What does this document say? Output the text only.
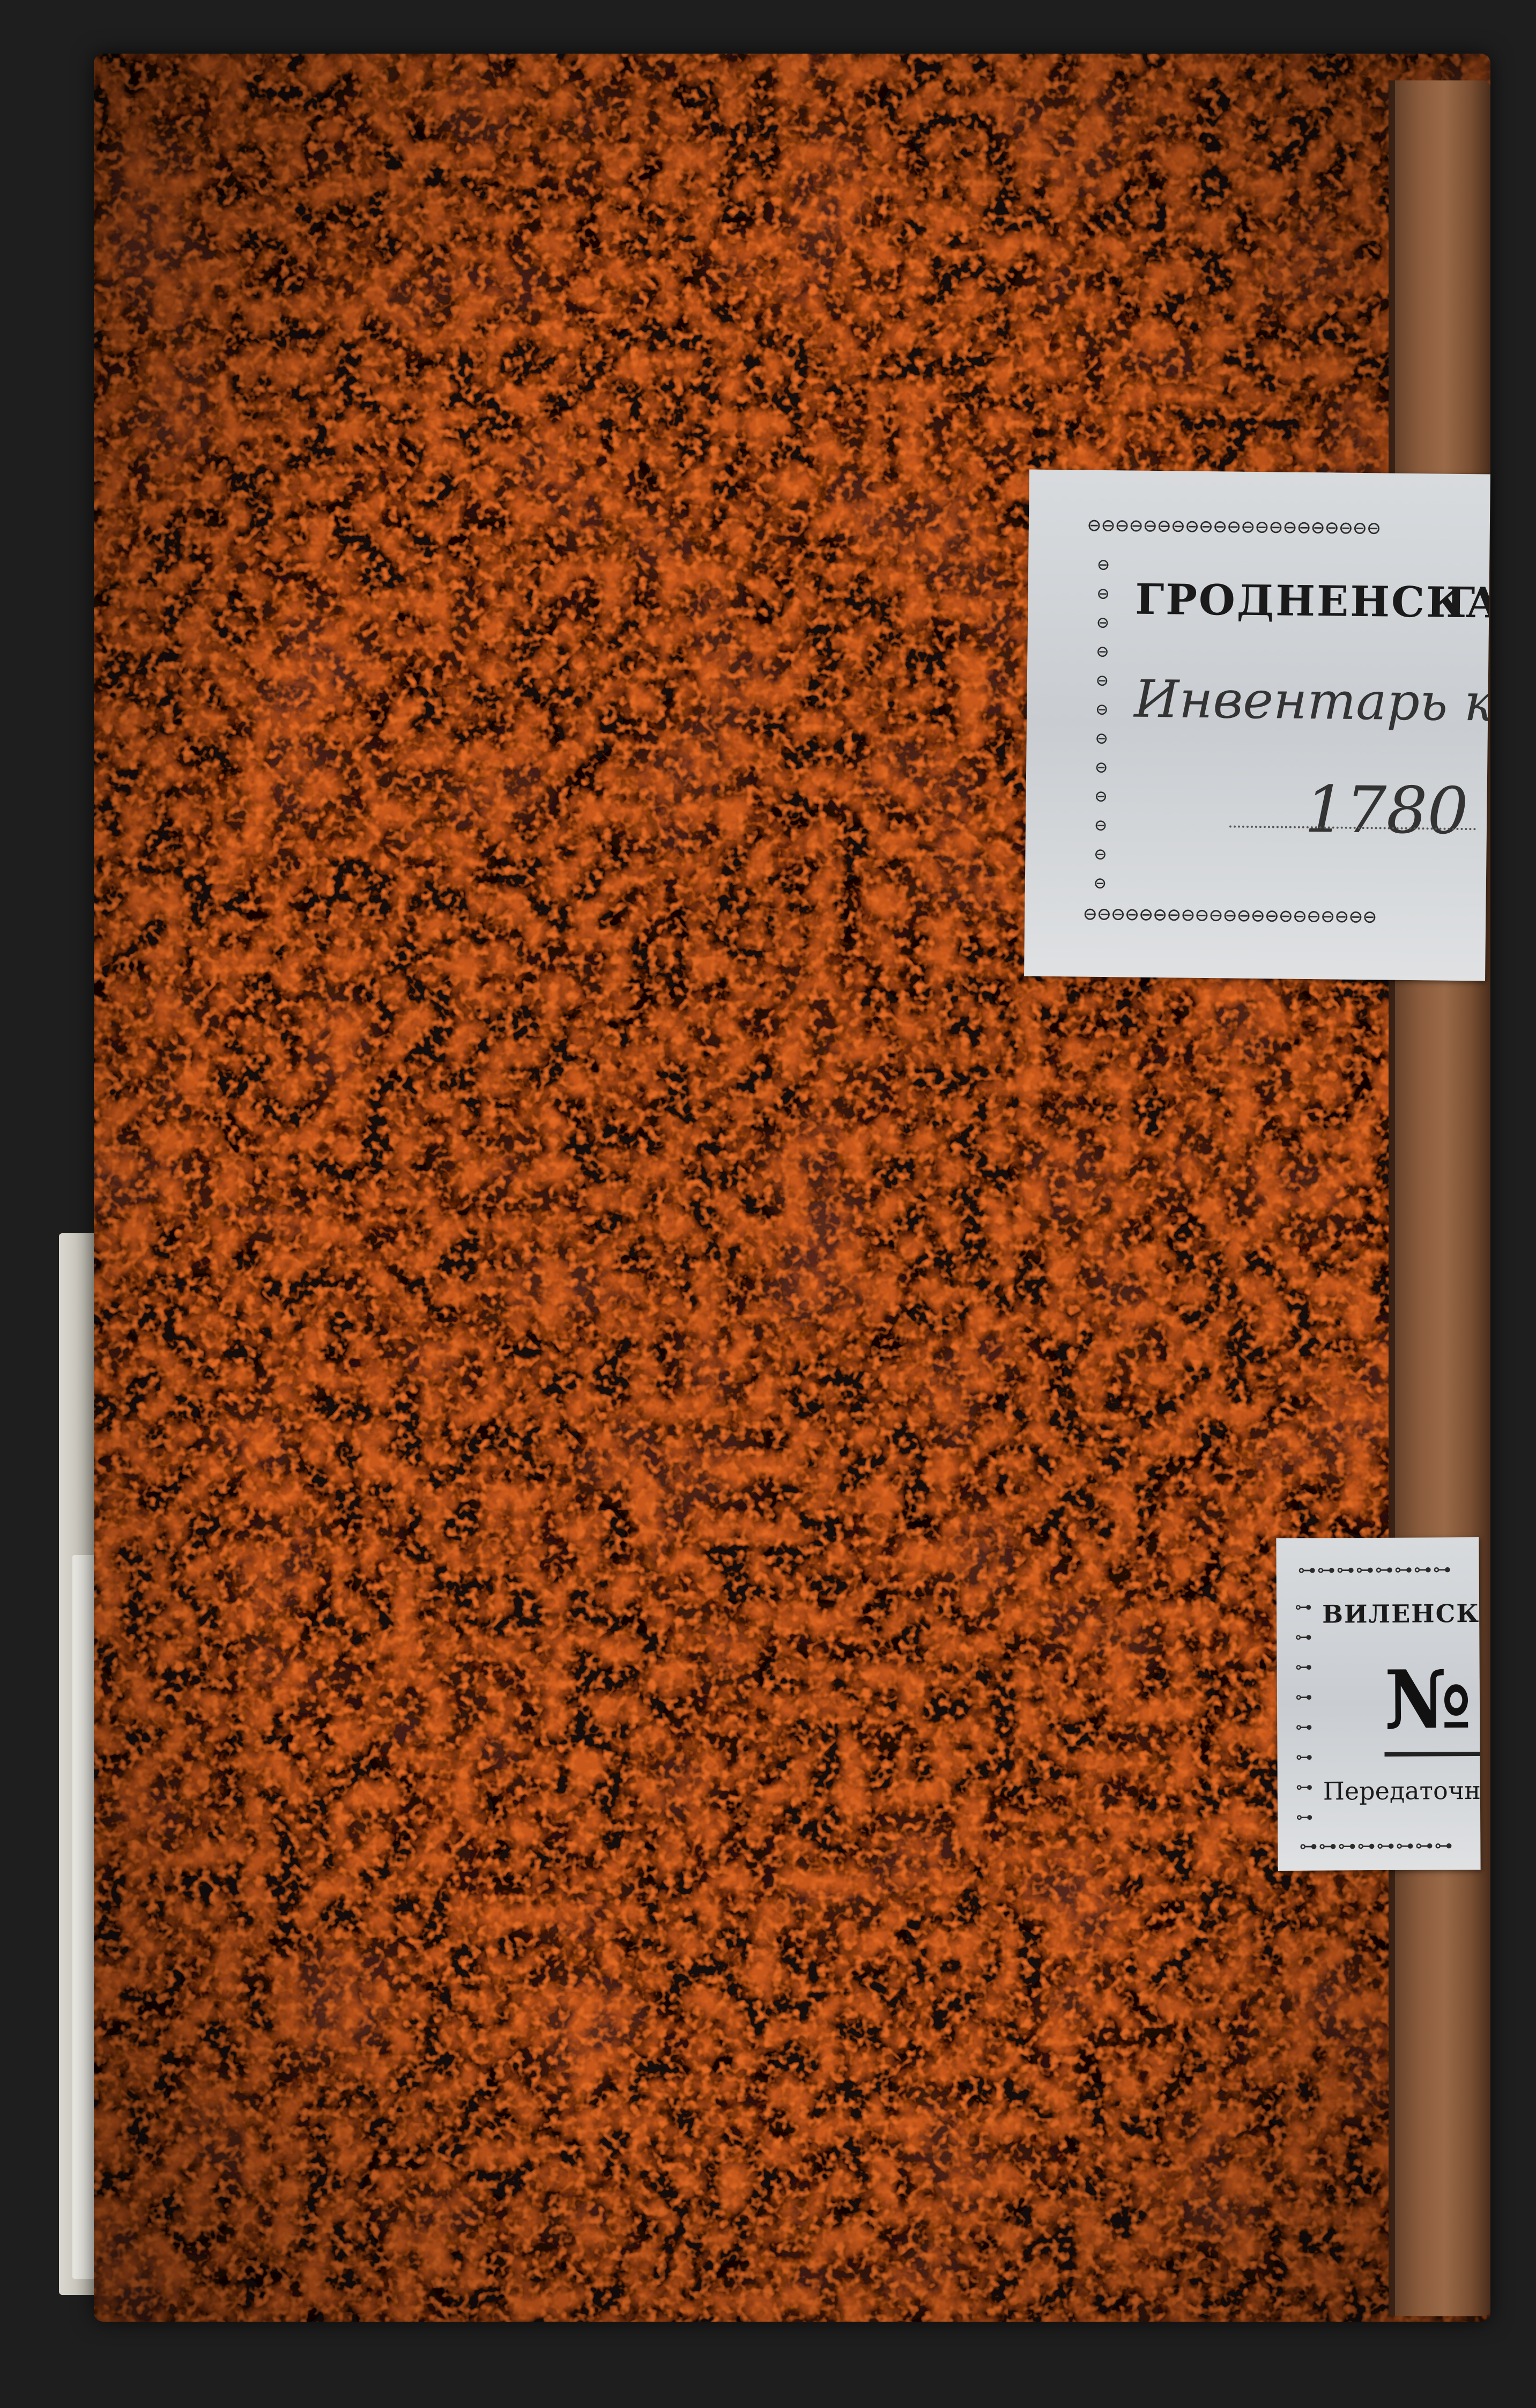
⊖⊖⊖⊖⊖⊖⊖⊖⊖⊖⊖⊖⊖⊖⊖⊖⊖⊖⊖⊖⊖
⊖⊖⊖⊖⊖⊖⊖⊖⊖⊖⊖⊖⊖⊖⊖⊖⊖⊖⊖⊖⊖
⊖
⊖
⊖
⊖
⊖
⊖
⊖
⊖
⊖
⊖
⊖
⊖
ГРОДНЕНСКАЯ
Г
Инвентарь ко
1780
⊶⊶⊶⊶⊶⊶⊶⊶
⊶⊶⊶⊶⊶⊶⊶⊶
⊶
⊶
⊶
⊶
⊶
⊶
⊶
⊶
ВИЛЕНСКИЙ
№
Передаточной
